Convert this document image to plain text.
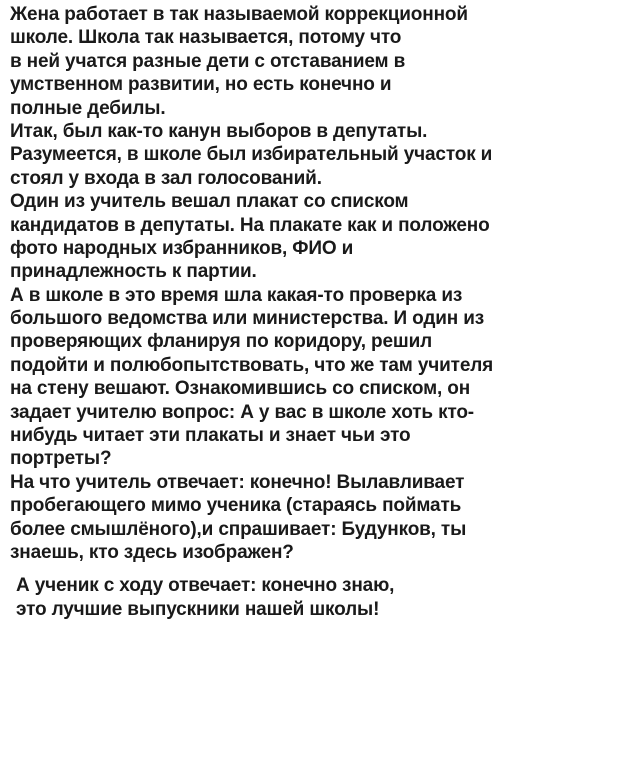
Жена работает в так называемой коррекционной
школе. Школа так называется, потому что
в ней учатся разные дети с отставанием в
умственном развитии, но есть конечно и
полные дебилы.
Итак, был как-то канун выборов в депутаты.
Разумеется, в школе был избирательный участок и
стоял у входа в зал голосований.
Один из учитель вешал плакат со списком
кандидатов в депутаты. На плакате как и положено
фото народных избранников, ФИО и
принадлежность к партии.
А в школе в это время шла какая-то проверка из
большого ведомства или министерства. И один из
проверяющих фланируя по коридору, решил
подойти и полюбопытствовать, что же там учителя
на стену вешают. Ознакомившись со списком, он
задает учителю вопрос: А у вас в школе хоть кто-
нибудь читает эти плакаты и знает чьи это
портреты?
На что учитель отвечает: конечно! Вылавливает
пробегающего мимо ученика (стараясь поймать
более смышлёного),и спрашивает: Будунков, ты
знаешь, кто здесь изображен?
А ученик с ходу отвечает: конечно знаю,
это лучшие выпускники нашей школы!
